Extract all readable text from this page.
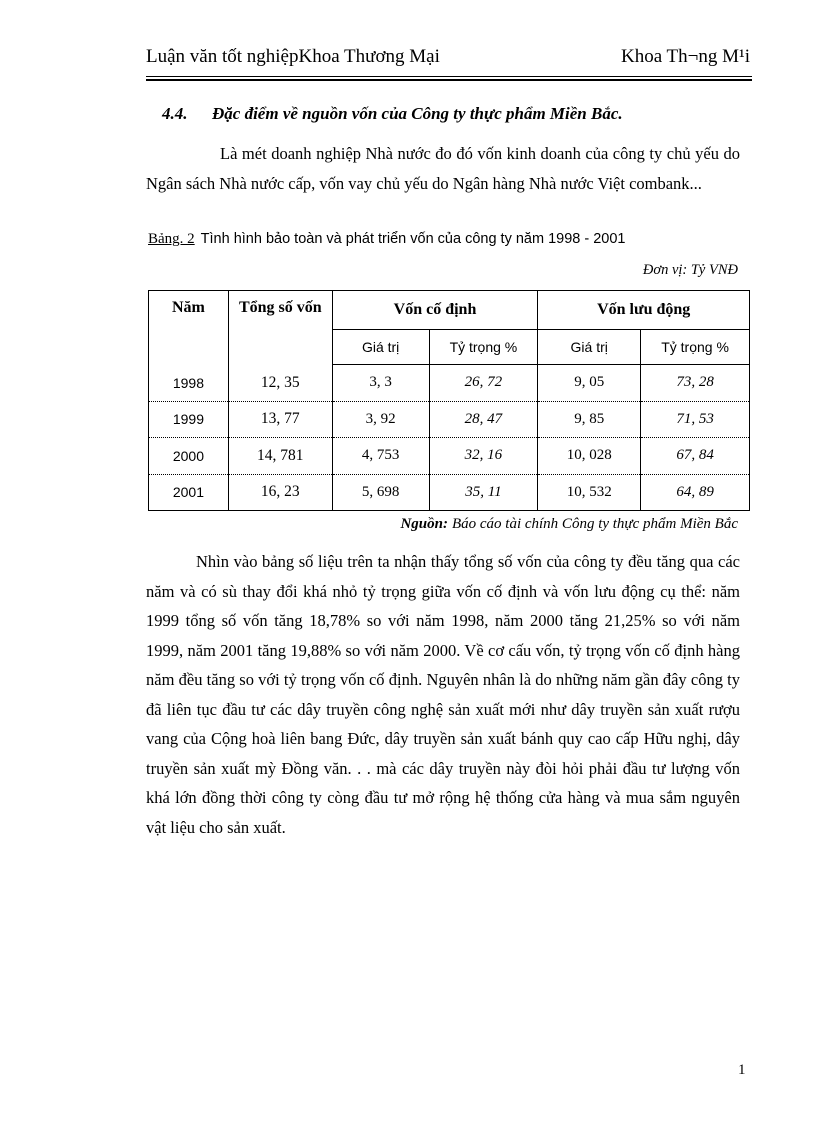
Luận văn tốt nghiệpKhoa Thương Mại	Khoa Th¬ng M¹i
4.4. Đặc điểm về nguồn vốn của Công ty thực phẩm Miền Bắc.

Là mét doanh nghiệp Nhà nước đo đó vốn kinh doanh của công ty chủ yếu do Ngân sách Nhà nước cấp, vốn vay chủ yếu do Ngân hàng Nhà nước Việt combank...

Bảng. 2 Tình hình bảo toàn và phát triển vốn của công ty năm 1998 - 2001
Đơn vị: Tỷ VNĐ
Năm	Tổng số vốn	Vốn cố định		Vốn lưu động	
		Giá trị	Tỷ trọng %	Giá trị	Tỷ trọng %
1998	12, 35	3, 3	26, 72	9, 05	73, 28
1999	13, 77	3, 92	28, 47	9, 85	71, 53
2000	14, 781	4, 753	32, 16	10, 028	67, 84
2001	16, 23	5, 698	35, 11	10, 532	64, 89
Nguồn: Báo cáo tài chính Công ty thực phẩm Miền Bắc

Nhìn vào bảng số liệu trên ta nhận thấy tổng số vốn của công ty đều tăng qua các năm và có sù thay đổi khá nhỏ tỷ trọng giữa vốn cố định và vốn lưu động cụ thể: năm 1999 tổng số vốn tăng 18,78% so với năm 1998, năm 2000 tăng 21,25% so với năm 1999, năm 2001 tăng 19,88% so với năm 2000. Về cơ cấu vốn, tỷ trọng vốn cố định hàng năm đều tăng so với tỷ trọng vốn cố định. Nguyên nhân là do những năm gần đây công ty đã liên tục đầu tư các dây truyền công nghệ sản xuất mới như dây truyền sản xuất rượu vang của Cộng hoà liên bang Đức, dây truyền sản xuất bánh quy cao cấp Hữu nghị, dây truyền sản xuất mỳ Đồng văn. . . mà các dây truyền này đòi hỏi phải đầu tư lượng vốn khá lớn đồng thời công ty còng đầu tư mở rộng hệ thống cửa hàng và mua sắm nguyên vật liệu cho sản xuất.

1
